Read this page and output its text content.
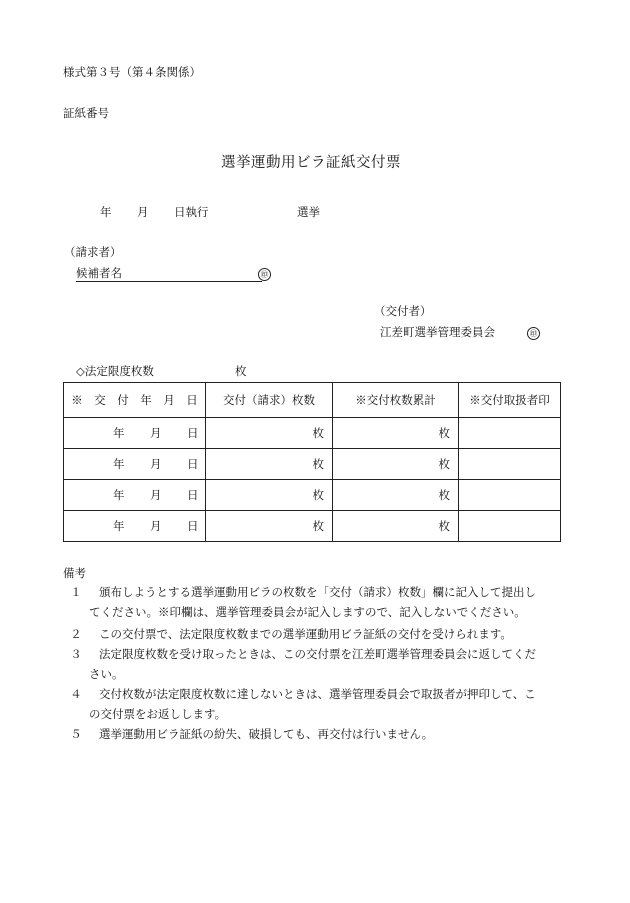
様式第３号（第４条関係）
証紙番号
選挙運動用ビラ証紙交付票
年 月 日執行	選挙
（請求者）
候補者名	㊞
（交付者）
江差町選挙管理委員会	㊞
◇法定限度枚数	枚
※　交　付　年　月　日	交付（請求）枚数	※交付枚数累計	※交付取扱者印

年 月 日	枚	枚	

年 月 日	枚	枚	

年 月 日	枚	枚	

年 月 日	枚	枚	
備考
１ 頒布しようとする選挙運動用ビラの枚数を「交付（請求）枚数」欄に記入して提出し
てください。※印欄は、選挙管理委員会が記入しますので、記入しないでください。
２ この交付票で、法定限度枚数までの選挙運動用ビラ証紙の交付を受けられます。
３ 法定限度枚数を受け取ったときは、この交付票を江差町選挙管理委員会に返してくだ
さい。
４ 交付枚数が法定限度枚数に達しないときは、選挙管理委員会で取扱者が押印して、こ
の交付票をお返しします。
５ 選挙運動用ビラ証紙の紛失、破損しても、再交付は行いません。
